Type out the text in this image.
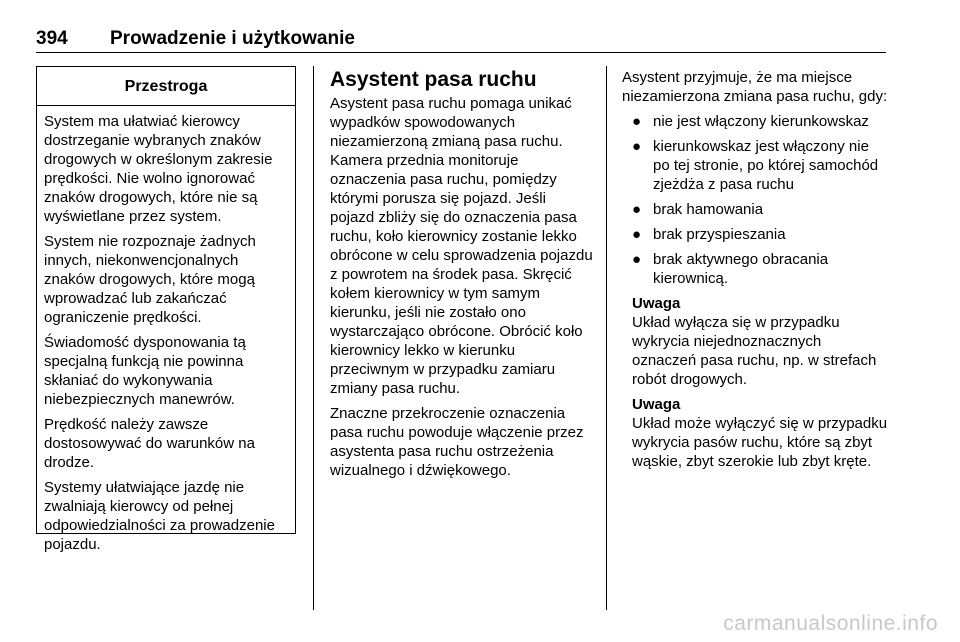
394 Prowadzenie i użytkowanie
Przestroga

System ma ułatwiać kierowcy dostrzeganie wybranych znaków drogowych w określonym zakresie prędkości. Nie wolno ignorować znaków drogowych, które nie są wyświetlane przez system.

System nie rozpoznaje żadnych innych, niekonwencjonalnych znaków drogowych, które mogą wprowadzać lub zakańczać ograniczenie prędkości.

Świadomość dysponowania tą specjalną funkcją nie powinna skłaniać do wykonywania niebezpiecznych manewrów.

Prędkość należy zawsze dostosowywać do warunków na drodze.

Systemy ułatwiające jazdę nie zwalniają kierowcy od pełnej odpowiedzialności za prowadzenie pojazdu.

Asystent pasa ruchu

Asystent pasa ruchu pomaga unikać wypadków spowodowanych niezamierzoną zmianą pasa ruchu. Kamera przednia monitoruje oznaczenia pasa ruchu, pomiędzy którymi porusza się pojazd. Jeśli pojazd zbliży się do oznaczenia pasa ruchu, koło kierownicy zostanie lekko obrócone w celu sprowadzenia pojazdu z powrotem na środek pasa. Skręcić kołem kierownicy w tym samym kierunku, jeśli nie zostało ono wystarczająco obrócone. Obrócić koło kierownicy lekko w kierunku przeciwnym w przypadku zamiaru zmiany pasa ruchu.

Znaczne przekroczenie oznaczenia pasa ruchu powoduje włączenie przez asystenta pasa ruchu ostrzeżenia wizualnego i dźwiękowego.

Asystent przyjmuje, że ma miejsce niezamierzona zmiana pasa ruchu, gdy:

● nie jest włączony kierunkowskaz
● kierunkowskaz jest włączony nie po tej stronie, po której samochód zjeżdża z pasa ruchu
● brak hamowania
● brak przyspieszania
● brak aktywnego obracania kierownicą.
Uwaga

Układ wyłącza się w przypadku wykrycia niejednoznacznych oznaczeń pasa ruchu, np. w strefach robót drogowych.

Uwaga

Układ może wyłączyć się w przypadku wykrycia pasów ruchu, które są zbyt wąskie, zbyt szerokie lub zbyt kręte.

carmanualsonline.info
